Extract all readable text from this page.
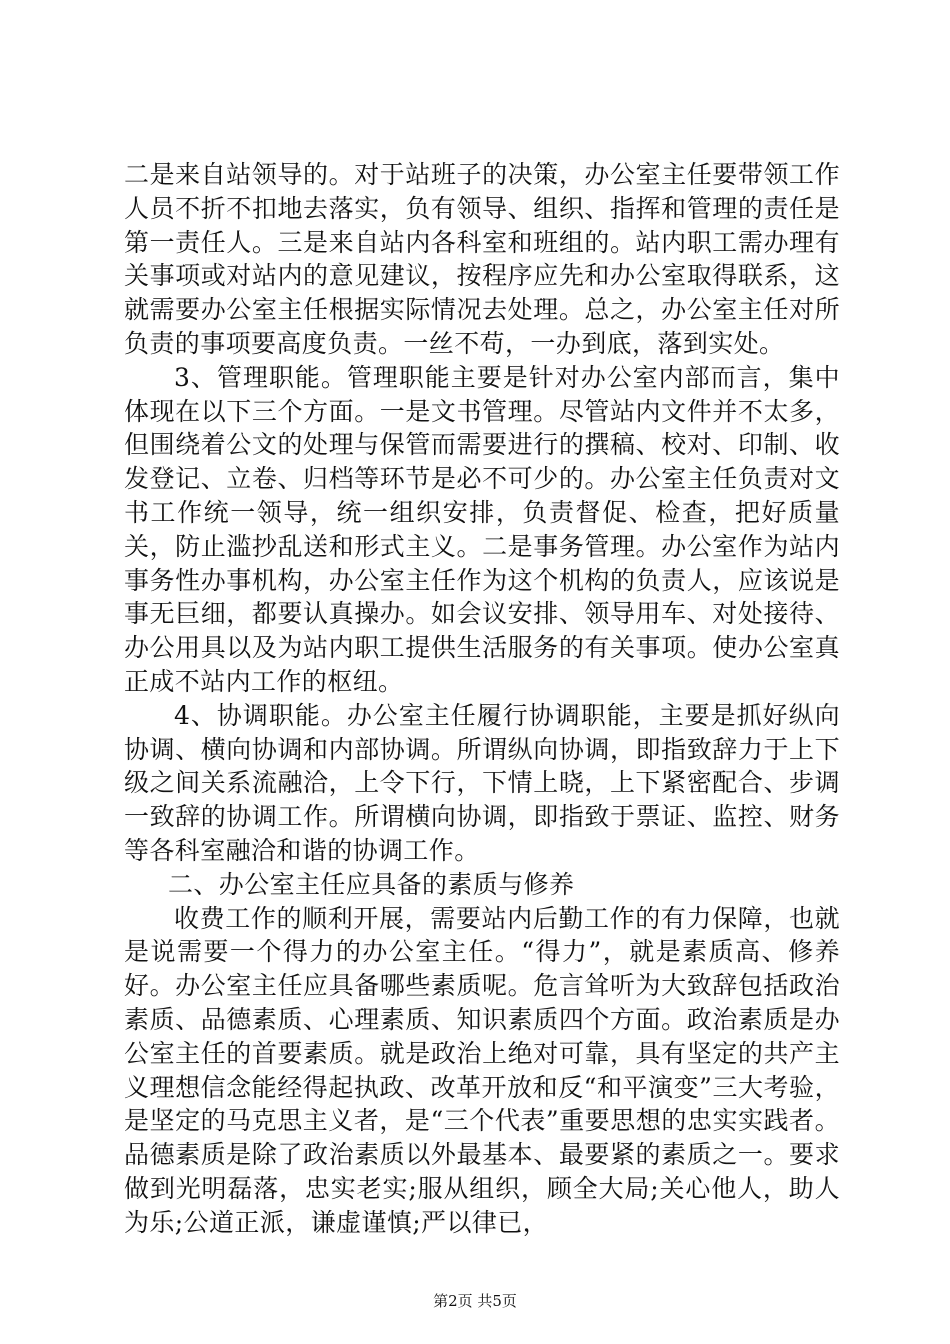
二是来自站领导的。对于站班子的决策，办公室主任要带领工作人员不折不扣地去落实，负有领导、组织、指挥和管理的责任是第一责任人。三是来自站内各科室和班组的。站内职工需办理有关事项或对站内的意见建议，按程序应先和办公室取得联系，这就需要办公室主任根据实际情况去处理。总之，办公室主任对所负责的事项要高度负责。一丝不苟，一办到底，落到实处。

3、管理职能。管理职能主要是针对办公室内部而言，集中体现在以下三个方面。一是文书管理。尽管站内文件并不太多，但围绕着公文的处理与保管而需要进行的撰稿、校对、印制、收发登记、立卷、归档等环节是必不可少的。办公室主任负责对文书工作统一领导，统一组织安排，负责督促、检查，把好质量关，防止滥抄乱送和形式主义。二是事务管理。办公室作为站内事务性办事机构，办公室主任作为这个机构的负责人，应该说是事无巨细，都要认真操办。如会议安排、领导用车、对处接待、办公用具以及为站内职工提供生活服务的有关事项。使办公室真正成不站内工作的枢纽。

4、协调职能。办公室主任履行协调职能，主要是抓好纵向协调、横向协调和内部协调。所谓纵向协调，即指致辞力于上下级之间关系流融洽，上令下行，下情上晓，上下紧密配合、步调一致辞的协调工作。所谓横向协调，即指致于票证、监控、财务等各科室融洽和谐的协调工作。

二、办公室主任应具备的素质与修养

收费工作的顺利开展，需要站内后勤工作的有力保障，也就是说需要一个得力的办公室主任。“得力”，就是素质高、修养好。办公室主任应具备哪些素质呢。危言耸听为大致辞包括政治素质、品德素质、心理素质、知识素质四个方面。政治素质是办公室主任的首要素质。就是政治上绝对可靠，具有坚定的共产主义理想信念能经得起执政、改革开放和反“和平演变”三大考验，是坚定的马克思主义者，是“三个代表”重要思想的忠实实践者。品德素质是除了政治素质以外最基本、最要紧的素质之一。要求做到光明磊落，忠实老实;服从组织，顾全大局;关心他人，助人为乐;公道正派，谦虚谨慎;严以律已，

第2页 共5页
